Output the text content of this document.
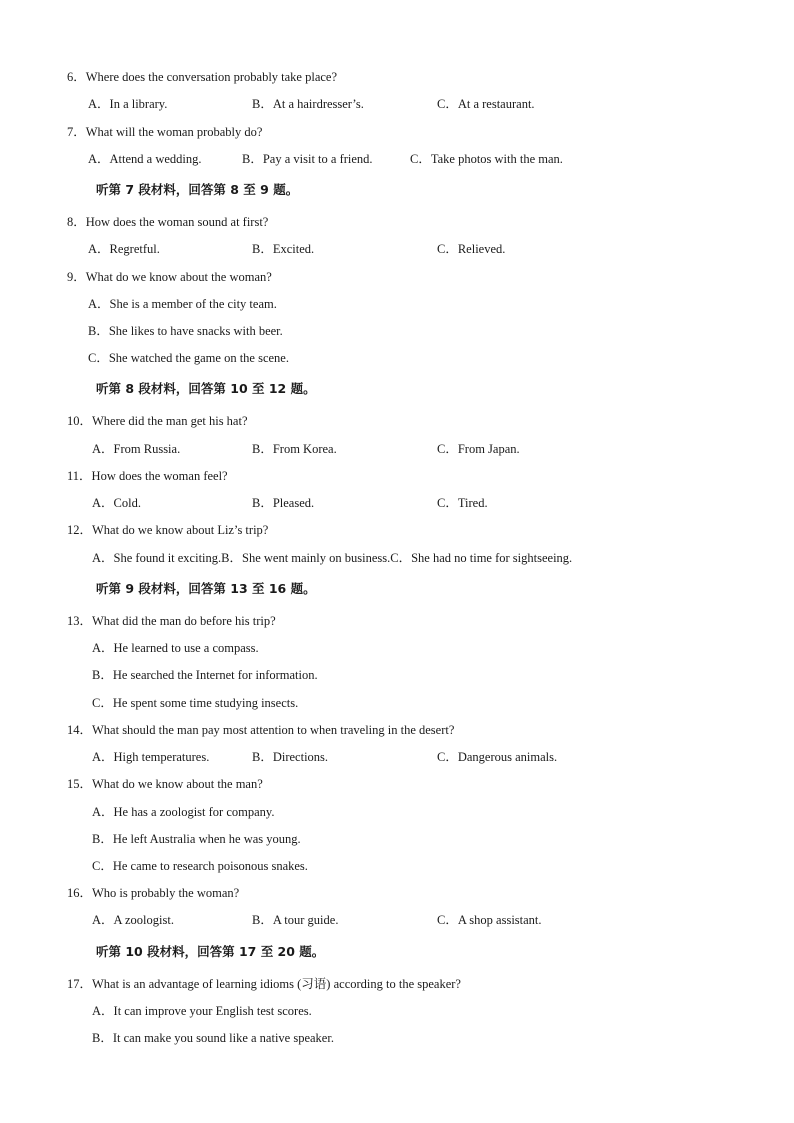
6．Where does the conversation probably take place?
A．In a library.	B．At a hairdresser’s.	C．At a restaurant.
7．What will the woman probably do?
A．Attend a wedding.	B．Pay a visit to a friend.	C．Take photos with the man.
听第 7 段材料，回答第 8 至 9 题。
8．How does the woman sound at first?
A．Regretful.	B．Excited.	C．Relieved.
9．What do we know about the woman?
A．She is a member of the city team.
B．She likes to have snacks with beer.
C．She watched the game on the scene.
听第 8 段材料，回答第 10 至 12 题。
10．Where did the man get his hat?
A．From Russia.	B．From Korea.	C．From Japan.
11．How does the woman feel?
A．Cold.	B．Pleased.	C．Tired.
12．What do we know about Liz’s trip?
A．She found it exciting.B．She went mainly on business.C．She had no time for sightseeing.
听第 9 段材料，回答第 13 至 16 题。
13．What did the man do before his trip?
A．He learned to use a compass.
B．He searched the Internet for information.
C．He spent some time studying insects.
14．What should the man pay most attention to when traveling in the desert?
A．High temperatures.	B．Directions.	C．Dangerous animals.
15．What do we know about the man?
A．He has a zoologist for company.
B．He left Australia when he was young.
C．He came to research poisonous snakes.
16．Who is probably the woman?
A．A zoologist.	B．A tour guide.	C．A shop assistant.
听第 10 段材料，回答第 17 至 20 题。
17．What is an advantage of learning idioms (习语) according to the speaker?
A．It can improve your English test scores.
B．It can make you sound like a native speaker.
